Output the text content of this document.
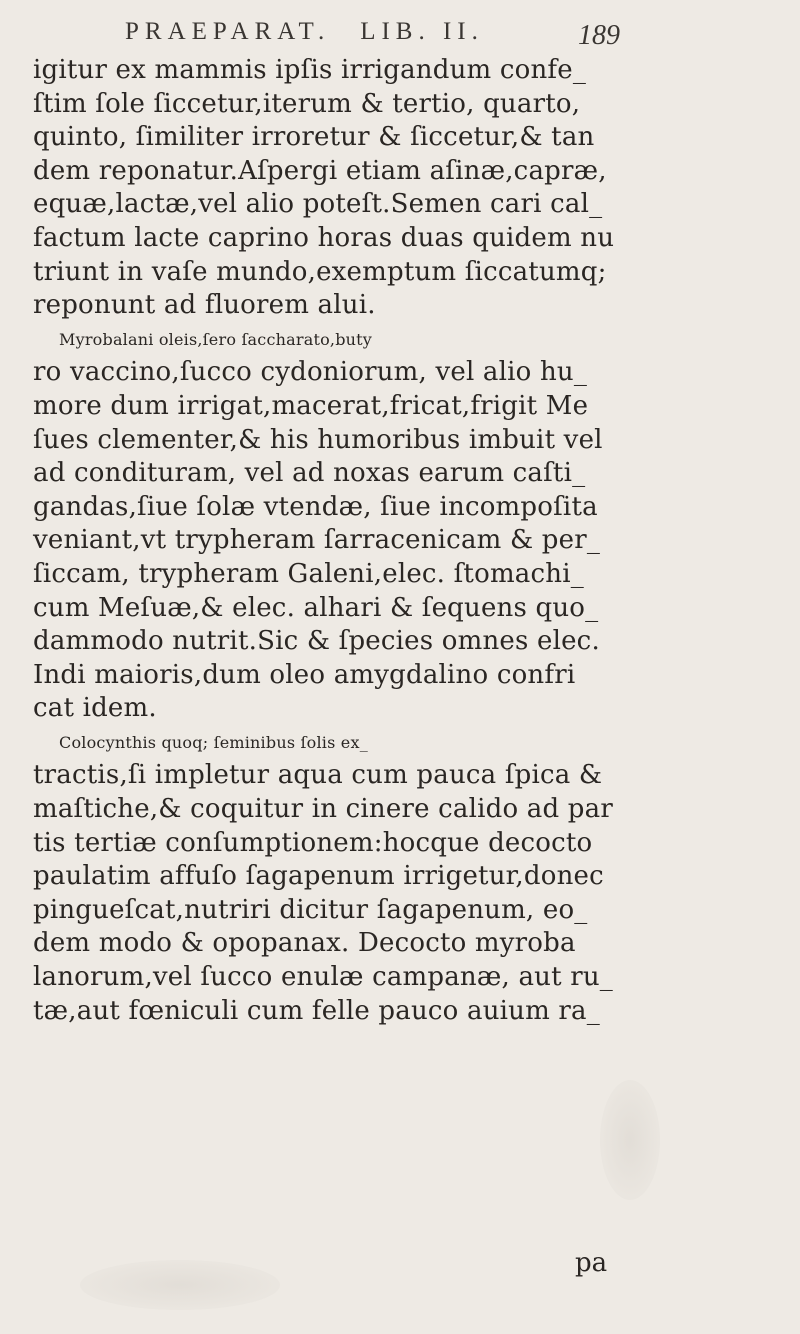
PRAEPARAT. LIB. II.	189
igitur ex mammis ipſis irrigandum confe_
ſtim ſole ſiccetur,iterum & tertio, quarto,
quinto, ſimiliter irroretur & ſiccetur,& tan
dem reponatur.Aſpergi etiam aſinæ,capræ,
equæ,lactæ,vel alio poteſt.Semen cari cal_
factum lacte caprino horas duas quidem nu
triunt in vaſe mundo,exemptum ſiccatumq;
reponunt ad fluorem alui.
Myrobalani oleis,ſero ſaccharato,buty
ro vaccino,ſucco cydoniorum, vel alio hu_
more dum irrigat,macerat,fricat,frigit Me
ſues clementer,& his humoribus imbuit vel
ad condituram, vel ad noxas earum caſti_
gandas,ſiue ſolæ vtendæ, ſiue incompoſita
veniant,vt trypheram ſarracenicam & per_
ſiccam, trypheram Galeni,elec. ſtomachi_
cum Meſuæ,& elec. alhari & ſequens quo_
dammodo nutrit.Sic & ſpecies omnes elec.
Indi maioris,dum oleo amygdalino confri
cat idem.
Colocynthis quoq; ſeminibus ſolis ex_
tractis,ſi impletur aqua cum pauca ſpica &
maſtiche,& coquitur in cinere calido ad par
tis tertiæ conſumptionem:hocque decocto
paulatim affuſo ſagapenum irrigetur,donec
pingueſcat,nutriri dicitur ſagapenum, eo_
dem modo & opopanax. Decocto myroba
lanorum,vel ſucco enulæ campanæ, aut ru_
tæ,aut fœniculi cum felle pauco auium ra_
pa
